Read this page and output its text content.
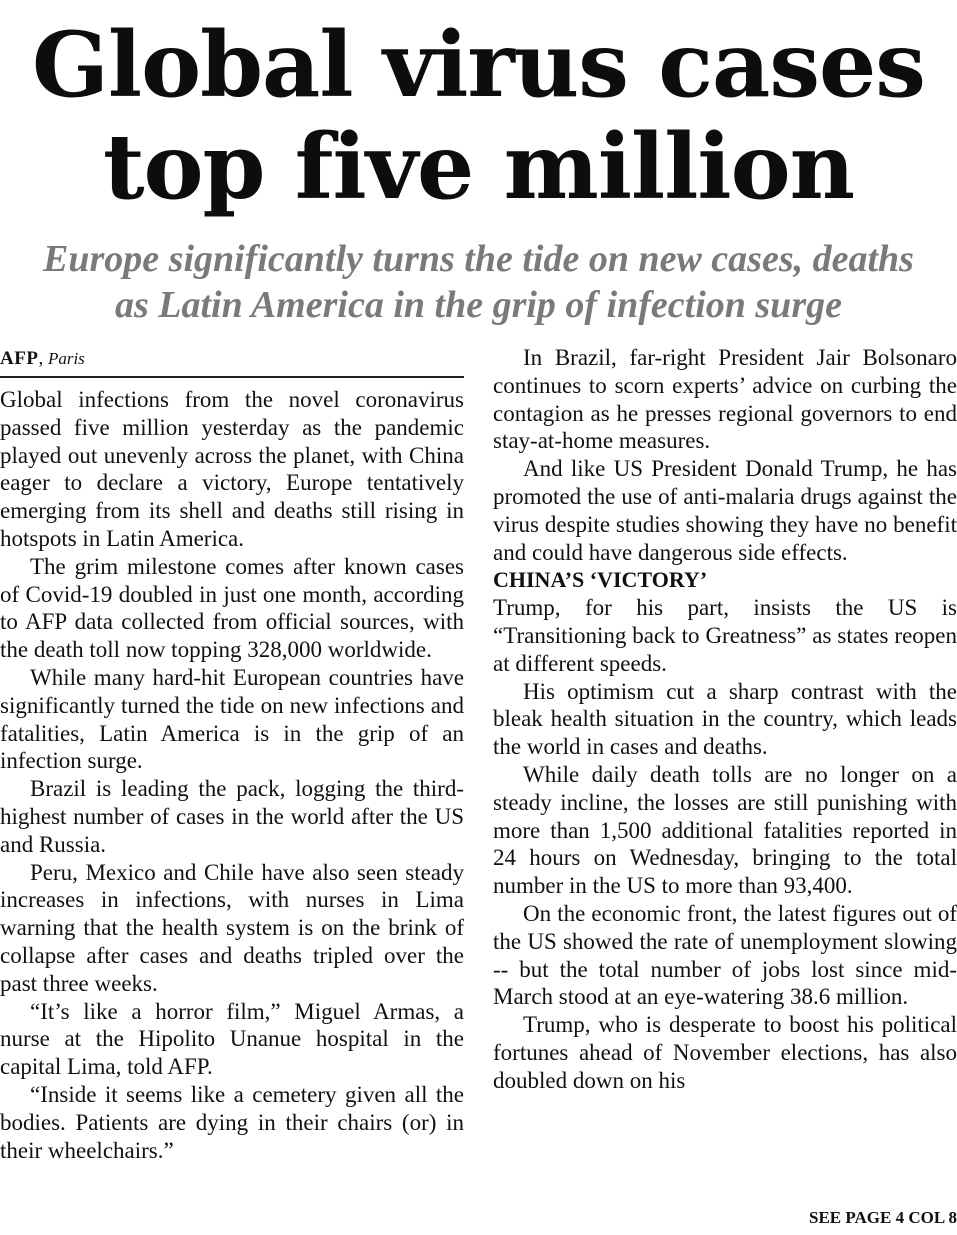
Global virus cases
top five million
Europe significantly turns the tide on new cases, deaths
as Latin America in the grip of infection surge
AFP, Paris

Global infections from the novel coronavirus passed five million yesterday as the pandemic played out unevenly across the planet, with China eager to declare a victory, Europe tentatively emerging from its shell and deaths still rising in hotspots in Latin America.

The grim milestone comes after known cases of Covid-19 doubled in just one month, according to AFP data collected from official sources, with the death toll now topping 328,000 worldwide.

While many hard-hit European countries have significantly turned the tide on new infections and fatalities, Latin America is in the grip of an infection surge.

Brazil is leading the pack, logging the third-highest number of cases in the world after the US and Russia.

Peru, Mexico and Chile have also seen steady increases in infections, with nurses in Lima warning that the health system is on the brink of collapse after cases and deaths tripled over the past three weeks.

“It’s like a horror film,” Miguel Armas, a nurse at the Hipolito Unanue hospital in the capital Lima, told AFP.

“Inside it seems like a cemetery given all the bodies. Patients are dying in their chairs (or) in their wheelchairs.”

In Brazil, far-right President Jair Bolsonaro continues to scorn experts’ advice on curbing the contagion as he presses regional governors to end stay-at-home measures.

And like US President Donald Trump, he has promoted the use of anti-malaria drugs against the virus despite studies showing they have no benefit and could have dangerous side effects.

CHINA’S ‘VICTORY’

Trump, for his part, insists the US is “Transitioning back to Greatness” as states reopen at different speeds.

His optimism cut a sharp contrast with the bleak health situation in the country, which leads the world in cases and deaths.

While daily death tolls are no longer on a steady incline, the losses are still punishing with more than 1,500 additional fatalities reported in 24 hours on Wednesday, bringing to the total number in the US to more than 93,400.

On the economic front, the latest figures out of the US showed the rate of unemployment slowing -- but the total number of jobs lost since mid-March stood at an eye-watering 38.6 million.

Trump, who is desperate to boost his political fortunes ahead of November elections, has also doubled down on his

SEE PAGE 4 COL 8
